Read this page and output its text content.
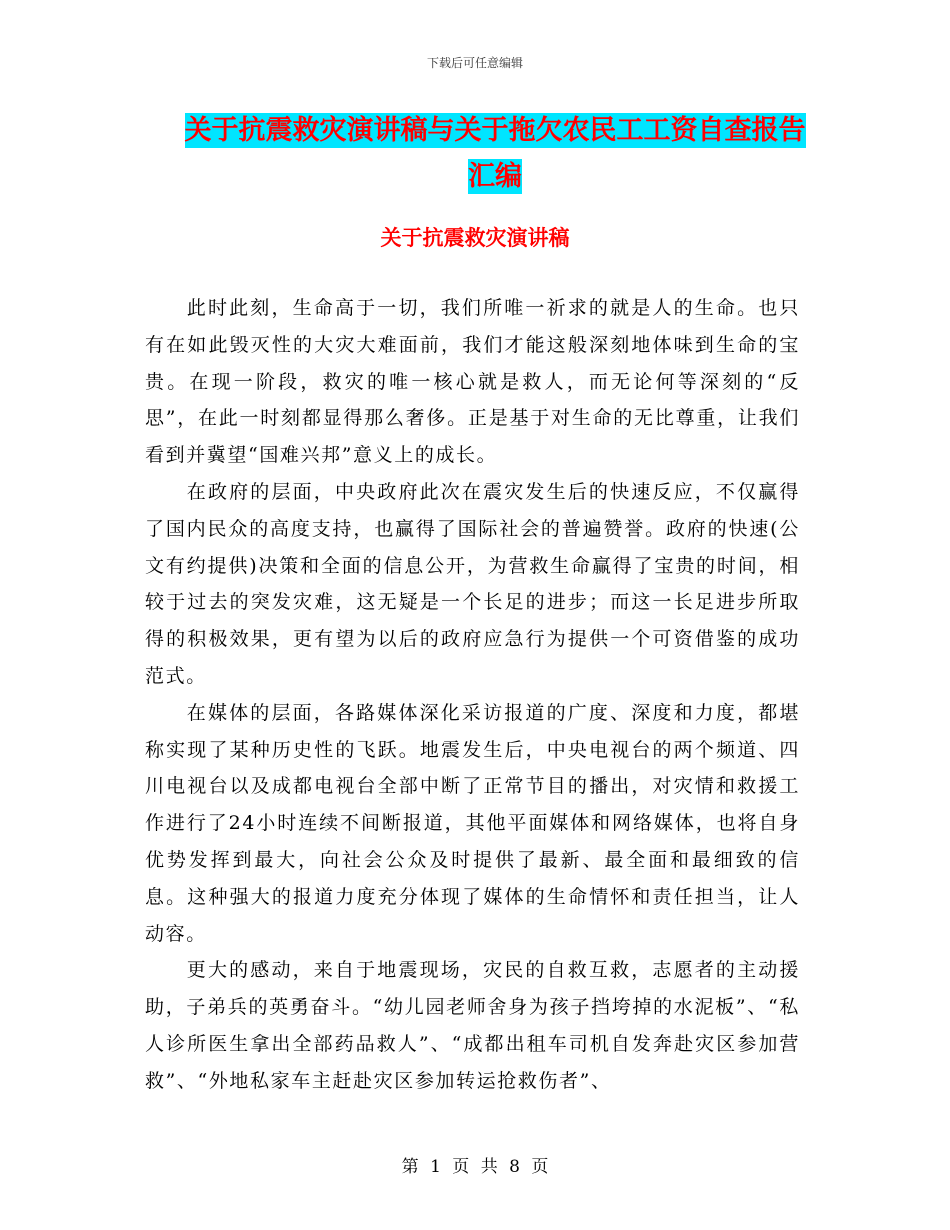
下载后可任意编辑
关于抗震救灾演讲稿与关于拖欠农民工工资自查报告
汇编
关于抗震救灾演讲稿

此时此刻，生命高于一切，我们所唯一祈求的就是人的生命。也只有在如此毁灭性的大灾大难面前，我们才能这般深刻地体味到生命的宝贵。在现一阶段，救灾的唯一核心就是救人，而无论何等深刻的“反思”，在此一时刻都显得那么奢侈。正是基于对生命的无比尊重，让我们看到并冀望“国难兴邦”意义上的成长。

在政府的层面，中央政府此次在震灾发生后的快速反应，不仅赢得了国内民众的高度支持，也赢得了国际社会的普遍赞誉。政府的快速(公文有约提供)决策和全面的信息公开，为营救生命赢得了宝贵的时间，相较于过去的突发灾难，这无疑是一个长足的进步；而这一长足进步所取得的积极效果，更有望为以后的政府应急行为提供一个可资借鉴的成功范式。

在媒体的层面，各路媒体深化采访报道的广度、深度和力度，都堪称实现了某种历史性的飞跃。地震发生后，中央电视台的两个频道、四川电视台以及成都电视台全部中断了正常节目的播出，对灾情和救援工作进行了24小时连续不间断报道，其他平面媒体和网络媒体，也将自身优势发挥到最大，向社会公众及时提供了最新、最全面和最细致的信息。这种强大的报道力度充分体现了媒体的生命情怀和责任担当，让人动容。

更大的感动，来自于地震现场，灾民的自救互救，志愿者的主动援助，子弟兵的英勇奋斗。“幼儿园老师舍身为孩子挡垮掉的水泥板”、“私人诊所医生拿出全部药品救人”、“成都出租车司机自发奔赴灾区参加营救”、“外地私家车主赶赴灾区参加转运抢救伤者”、

第 1 页 共 8 页
